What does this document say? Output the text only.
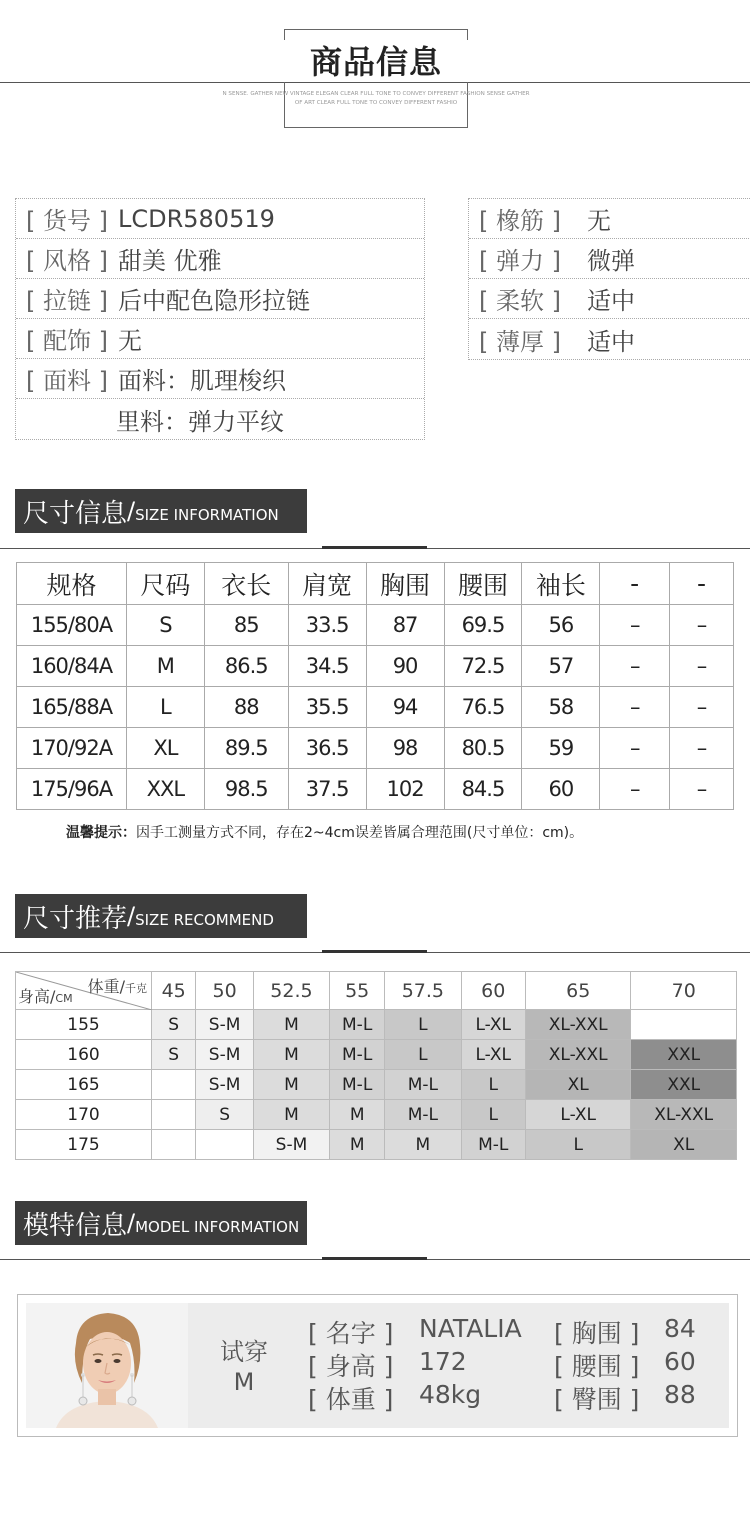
商品信息
N SENSE. GATHER NEW VINTAGE ELEGAN CLEAR FULL TONE TO CONVEY DIFFERENT FASHION SENSE GATHER
OF ART CLEAR FULL TONE TO CONVEY DIFFERENT FASHIO
[ 货号 ] LCDR580519
[ 风格 ] 甜美 优雅
[ 拉链 ] 后中配色隐形拉链
[ 配饰 ] 无
[ 面料 ] 面料：肌理梭织
里料：弹力平纹
[ 橡筋 ] 无
[ 弹力 ] 微弹
[ 柔软 ] 适中
[ 薄厚 ] 适中
尺寸信息 / SIZE INFORMATION
规格	尺码	衣长	肩宽	胸围	腰围	袖长	-	-
155/80A	S	85	33.5	87	69.5	56	–	–
160/84A	M	86.5	34.5	90	72.5	57	–	–
165/88A	L	88	35.5	94	76.5	58	–	–
170/92A	XL	89.5	36.5	98	80.5	59	–	–
175/96A	XXL	98.5	37.5	102	84.5	60	–	–
温馨提示：因手工测量方式不同，存在2~4cm误差皆属合理范围(尺寸单位：cm)。
尺寸推荐 / SIZE RECOMMEND
体重/千克
身高/CM	45	50	52.5	55	57.5	60	65	70
155	S	S-M	M	M-L	L	L-XL	XL-XXL	
160	S	S-M	M	M-L	L	L-XL	XL-XXL	XXL
165		S-M	M	M-L	M-L	L	XL	XXL
170		S	M	M	M-L	L	L-XL	XL-XXL
175			S-M	M	M	M-L	L	XL
模特信息 / MODEL INFORMATION
试穿
M
[ 名字 ] NATALIA
[ 身高 ] 172
[ 体重 ] 48kg
[ 胸围 ] 84
[ 腰围 ] 60
[ 臀围 ] 88
